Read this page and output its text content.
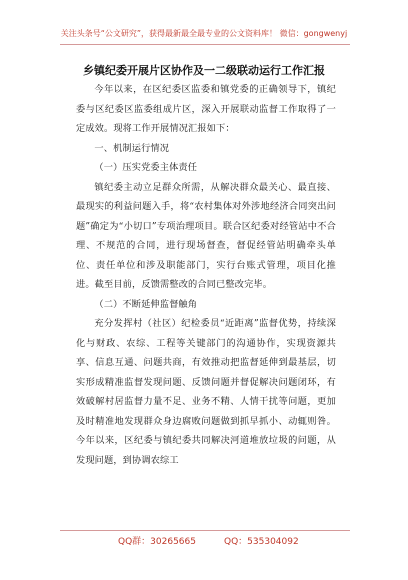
关注头条号“公文研究”，获得最新最全最专业的公文资料库！ 微信：gongwenyj
乡镇纪委开展片区协作及一二级联动运行工作汇报

今年以来，在区纪委区监委和镇党委的正确领导下，镇纪委与区纪委区监委组成片区，深入开展联动监督工作取得了一定成效。现将工作开展情况汇报如下：

一、机制运行情况

（一）压实党委主体责任

镇纪委主动立足群众所需，从解决群众最关心、最直接、最现实的利益问题入手，将“农村集体对外涉地经济合同突出问题”确定为“小切口”专项治理项目。联合区纪委对经管站中不合理、不规范的合同，进行现场督查，督促经管站明确牵头单位、责任单位和涉及职能部门，实行台账式管理，项目化推进。截至目前，反馈需整改的合同已整改完毕。

（二）不断延伸监督触角

充分发挥村（社区）纪检委员“近距离”监督优势，持续深化与财政、农综、工程等关键部门的沟通协作，实现资源共享、信息互通、问题共商，有效推动把监督延伸到最基层，切实形成精准监督发现问题、反馈问题并督促解决问题闭环，有效破解村居监督力量不足、业务不精、人情干扰等问题，更加及时精准地发现群众身边腐败问题做到抓早抓小、动辄则咎。今年以来，区纪委与镇纪委共同解决河道堆放垃圾的问题，从发现问题，到协调农综工

QQ群：30265665	QQ：535304092
